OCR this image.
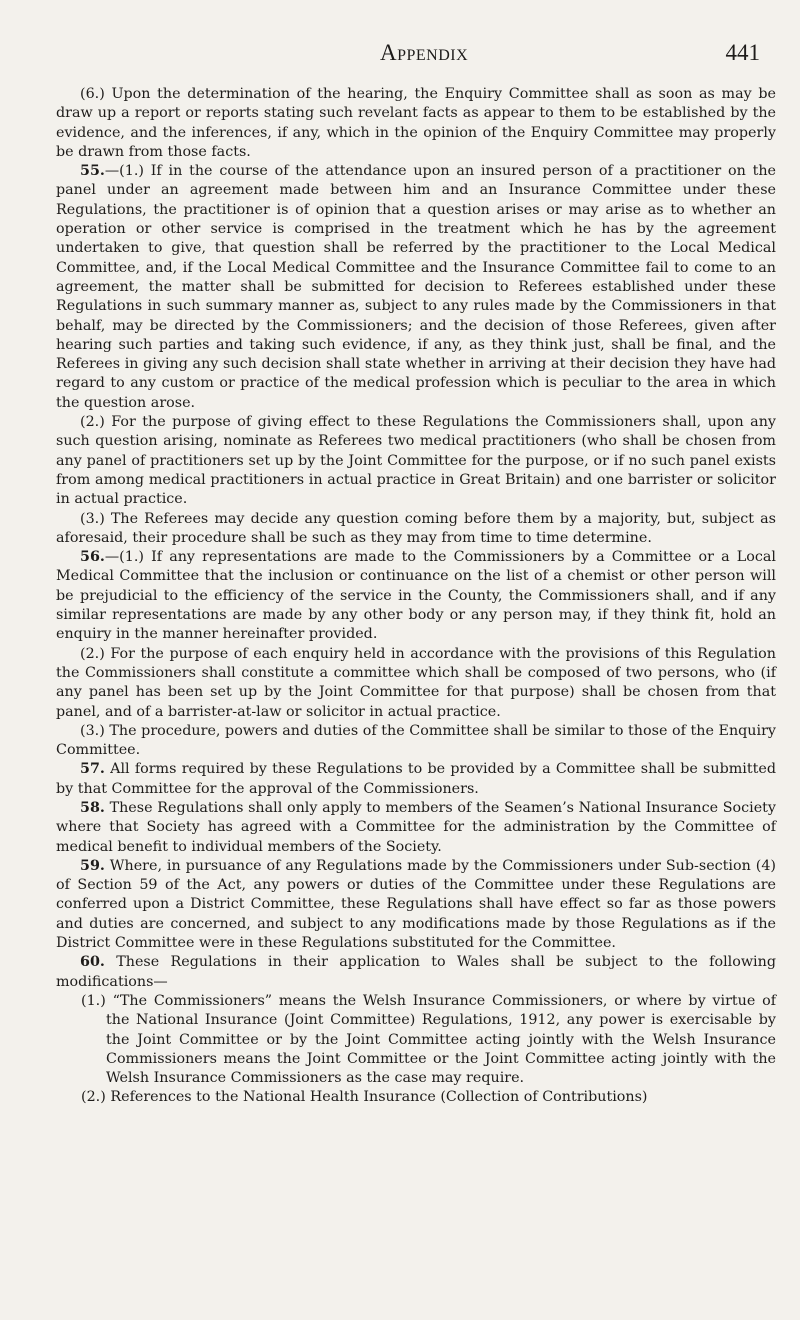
Appendix	441

(6.) Upon the determination of the hearing, the Enquiry Committee shall as soon as may be draw up a report or reports stating such revelant facts as appear to them to be established by the evidence, and the inferences, if any, which in the opinion of the Enquiry Committee may properly be drawn from those facts.

55.—(1.) If in the course of the attendance upon an insured person of a practitioner on the panel under an agreement made between him and an Insurance Committee under these Regulations, the practitioner is of opinion that a question arises or may arise as to whether an operation or other service is comprised in the treatment which he has by the agreement undertaken to give, that question shall be referred by the practitioner to the Local Medical Committee, and, if the Local Medical Committee and the Insurance Committee fail to come to an agreement, the matter shall be submitted for decision to Referees established under these Regulations in such summary manner as, subject to any rules made by the Commissioners in that behalf, may be directed by the Commissioners; and the decision of those Referees, given after hearing such parties and taking such evidence, if any, as they think just, shall be final, and the Referees in giving any such decision shall state whether in arriving at their decision they have had regard to any custom or practice of the medical profession which is peculiar to the area in which the question arose.

(2.) For the purpose of giving effect to these Regulations the Commissioners shall, upon any such question arising, nominate as Referees two medical practitioners (who shall be chosen from any panel of practitioners set up by the Joint Committee for the purpose, or if no such panel exists from among medical practitioners in actual practice in Great Britain) and one barrister or solicitor in actual practice.

(3.) The Referees may decide any question coming before them by a majority, but, subject as aforesaid, their procedure shall be such as they may from time to time determine.

56.—(1.) If any representations are made to the Commissioners by a Committee or a Local Medical Committee that the inclusion or continuance on the list of a chemist or other person will be prejudicial to the efficiency of the service in the County, the Commissioners shall, and if any similar representations are made by any other body or any person may, if they think fit, hold an enquiry in the manner hereinafter provided.

(2.) For the purpose of each enquiry held in accordance with the provisions of this Regulation the Commissioners shall constitute a committee which shall be composed of two persons, who (if any panel has been set up by the Joint Committee for that purpose) shall be chosen from that panel, and of a barrister-at-law or solicitor in actual practice.

(3.) The procedure, powers and duties of the Committee shall be similar to those of the Enquiry Committee.

57. All forms required by these Regulations to be provided by a Committee shall be submitted by that Committee for the approval of the Commissioners.

58. These Regulations shall only apply to members of the Seamen’s National Insurance Society where that Society has agreed with a Committee for the administration by the Committee of medical benefit to individual members of the Society.

59. Where, in pursuance of any Regulations made by the Commissioners under Sub-section (4) of Section 59 of the Act, any powers or duties of the Committee under these Regulations are conferred upon a District Committee, these Regulations shall have effect so far as those powers and duties are concerned, and subject to any modifications made by those Regulations as if the District Committee were in these Regulations substituted for the Committee.

60. These Regulations in their application to Wales shall be subject to the following modifications—

(1.) “The Commissioners” means the Welsh Insurance Commissioners, or where by virtue of the National Insurance (Joint Committee) Regulations, 1912, any power is exercisable by the Joint Committee or by the Joint Committee acting jointly with the Welsh Insurance Commissioners means the Joint Committee or the Joint Committee acting jointly with the Welsh Insurance Commissioners as the case may require.

(2.) References to the National Health Insurance (Collection of Contributions)
